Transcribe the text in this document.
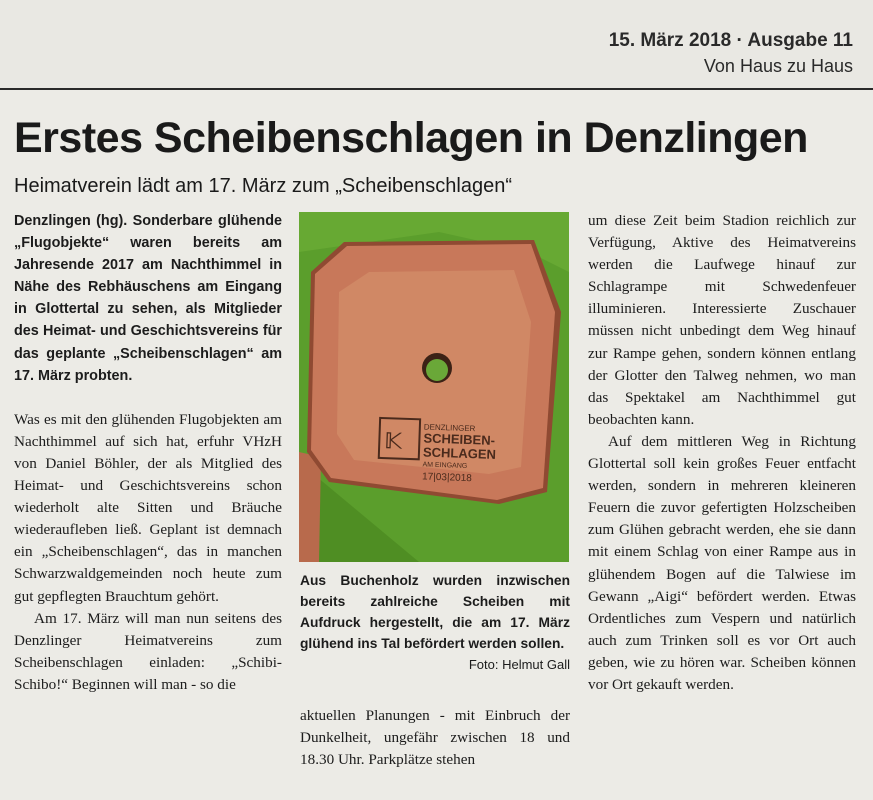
15. März 2018 · Ausgabe 11
Von Haus zu Haus
Erstes Scheibenschlagen in Denzlingen
Heimatverein lädt am 17. März zum „Scheibenschlagen“

Denzlingen (hg). Sonderbare glühende „Flugobjekte“ waren bereits am Jahresende 2017 am Nachthimmel in Nähe des Rebhäuschens am Eingang in Glottertal zu sehen, als Mitglieder des Heimat- und Geschichtsvereins für das geplante „Scheibenschlagen“ am 17. März probten.

Was es mit den glühenden Flugobjekten am Nachthimmel auf sich hat, erfuhr VHzH von Daniel Böhler, der als Mitglied des Heimat- und Geschichtsvereins schon wiederholt alte Sitten und Bräuche wiederaufleben ließ. Geplant ist demnach ein „Scheibenschlagen“, das in manchen Schwarzwaldgemeinden noch heute zum gut gepflegten Brauchtum gehört.

Am 17. März will man nun seitens des Denzlinger Heimatvereins zum Scheibenschlagen einladen: „Schibi-Schibo!“ Beginnen will man - so die

𝕂
DENZLINGER
SCHEIBEN-
SCHLAGEN
AM EINGANG
17|03|2018
Aus Buchenholz wurden inzwischen bereits zahlreiche Scheiben mit Aufdruck hergestellt, die am 17. März glühend ins Tal befördert werden sollen.
Foto: Helmut Gall

aktuellen Planungen - mit Einbruch der Dunkelheit, ungefähr zwischen 18 und 18.30 Uhr. Parkplätze stehen

um diese Zeit beim Stadion reichlich zur Verfügung, Aktive des Heimatvereins werden die Laufwege hinauf zur Schlagrampe mit Schwedenfeuer illuminieren. Interessierte Zuschauer müssen nicht unbedingt dem Weg hinauf zur Rampe gehen, sondern können entlang der Glotter den Talweg nehmen, wo man das Spektakel am Nachthimmel gut beobachten kann.

Auf dem mittleren Weg in Richtung Glottertal soll kein großes Feuer entfacht werden, sondern in mehreren kleineren Feuern die zuvor gefertigten Holzscheiben zum Glühen gebracht werden, ehe sie dann mit einem Schlag von einer Rampe aus in glühendem Bogen auf die Talwiese im Gewann „Aigi“ befördert werden. Etwas Ordentliches zum Vespern und natürlich auch zum Trinken soll es vor Ort auch geben, wie zu hören war. Scheiben können vor Ort gekauft werden.
